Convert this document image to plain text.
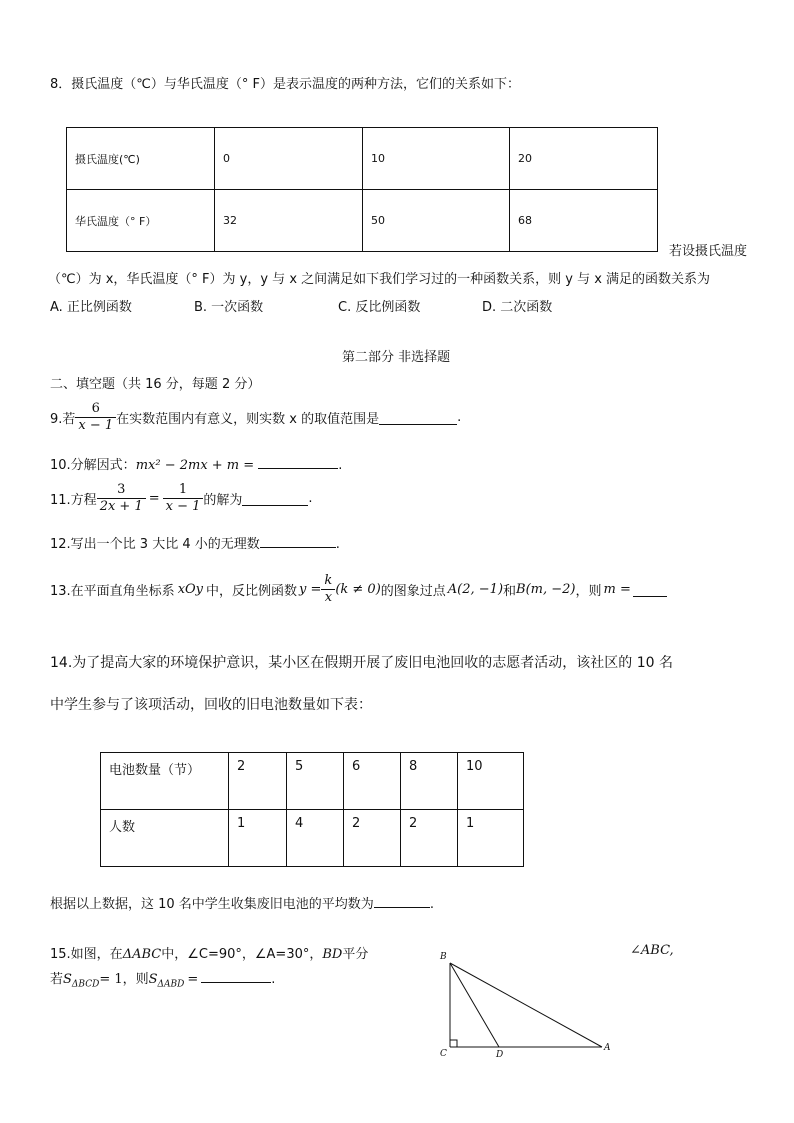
8．摄氏温度（℃）与华氏温度（° F）是表示温度的两种方法，它们的关系如下：
摄氏温度(℃)	0	10	20
华氏温度（° F）	32	50	68
若设摄氏温度
（℃）为 x，华氏温度（° F）为 y，y 与 x 之间满足如下我们学习过的一种函数关系，则 y 与 x 满足的函数关系为
A. 正比例函数	B. 一次函数	C. 反比例函数	D. 二次函数
第二部分 非选择题
二、填空题（共 16 分，每题 2 分）
9.若 $\frac{6}{x - 1}$ 在实数范围内有意义，则实数 x 的取值范围是	.
10.分解因式：mx² − 2mx + m =	.
11.方程 $\frac{3}{2x + 1} = \frac{1}{x - 1}$ 的解为	.
12.写出一个比 3 大比 4 小的无理数	.
13.在平面直角坐标系 xOy 中，反比例函数 $y = \frac{k}{x} (k \ne 0)$ 的图象过点 A(2, −1) 和 B(m, −2) ，则 m =
14.为了提高大家的环境保护意识，某小区在假期开展了废旧电池回收的志愿者活动，该社区的 10 名
中学生参与了该项活动，回收的旧电池数量如下表：
电池数量（节）	2	5	6	8	10
人数	1	4	2	2	1
根据以上数据，这 10 名中学生收集废旧电池的平均数为	.
15.如图，在ΔABC中，∠C=90°，∠A=30°，BD平分	∠ABC,
若$S_{\Delta BCD}= 1$，则$S_{\Delta ABD}$ =	.
B
C	D
A
